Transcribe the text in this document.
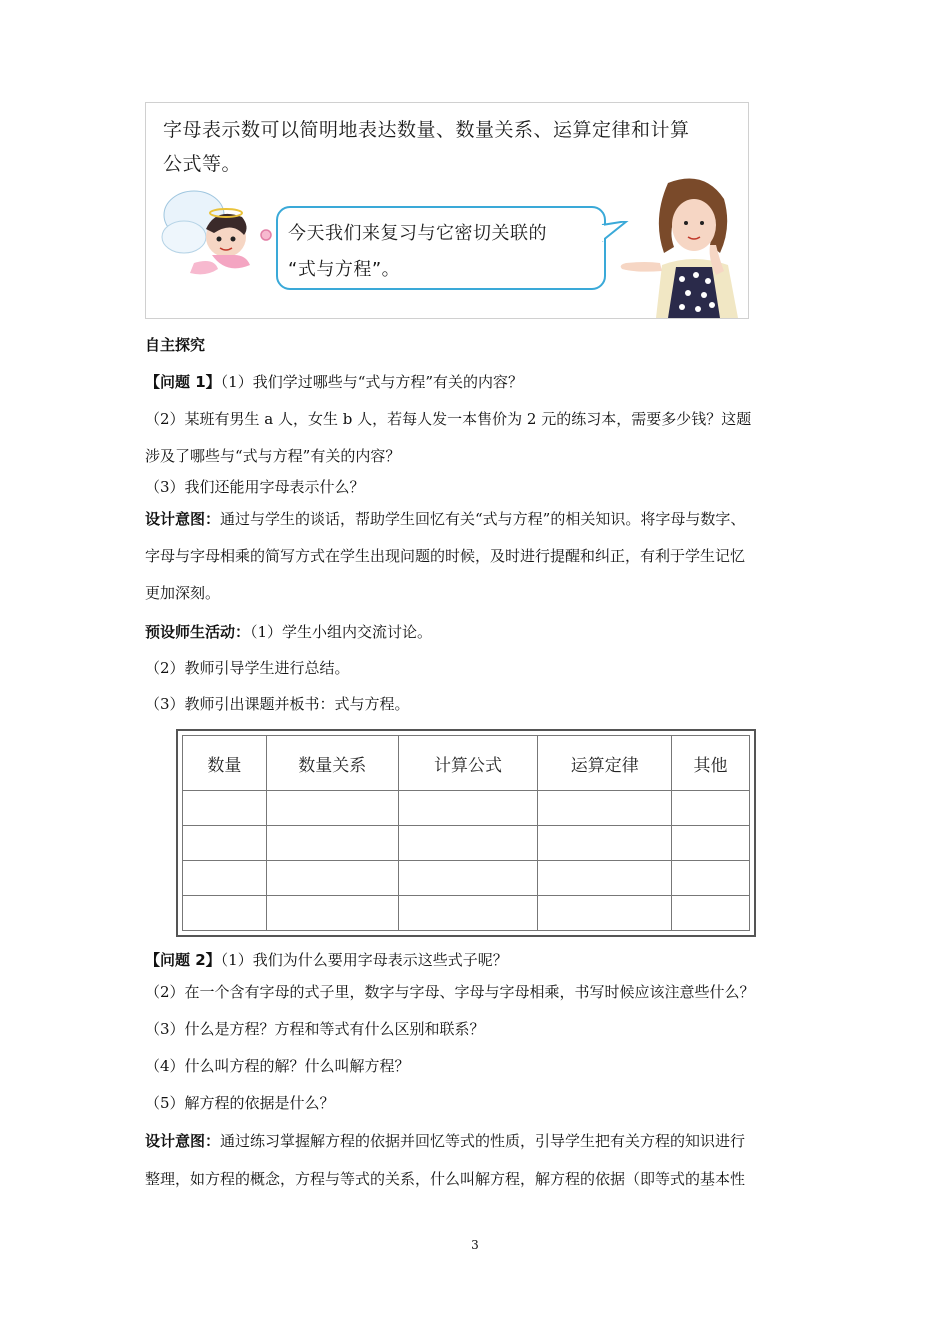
字母表示数可以简明地表达数量、数量关系、运算定律和计算
公式等。
今天我们来复习与它密切关联的
“式与方程”。
自主探究
【问题 1】（1）我们学过哪些与“式与方程”有关的内容？
（2）某班有男生 a 人，女生 b 人，若每人发一本售价为 2 元的练习本，需要多少钱？这题
涉及了哪些与“式与方程”有关的内容？
（3）我们还能用字母表示什么？
设计意图：通过与学生的谈话，帮助学生回忆有关“式与方程”的相关知识。将字母与数字、
字母与字母相乘的简写方式在学生出现问题的时候，及时进行提醒和纠正，有利于学生记忆
更加深刻。
预设师生活动：（1）学生小组内交流讨论。
（2）教师引导学生进行总结。
（3）教师引出课题并板书：式与方程。
数量	数量关系	计算公式	运算定律	其他

【问题 2】（1）我们为什么要用字母表示这些式子呢？
（2）在一个含有字母的式子里，数字与字母、字母与字母相乘，书写时候应该注意些什么？
（3）什么是方程？方程和等式有什么区别和联系？
（4）什么叫方程的解？什么叫解方程？
（5）解方程的依据是什么？
设计意图：通过练习掌握解方程的依据并回忆等式的性质，引导学生把有关方程的知识进行
整理，如方程的概念，方程与等式的关系，什么叫解方程，解方程的依据（即等式的基本性
3
